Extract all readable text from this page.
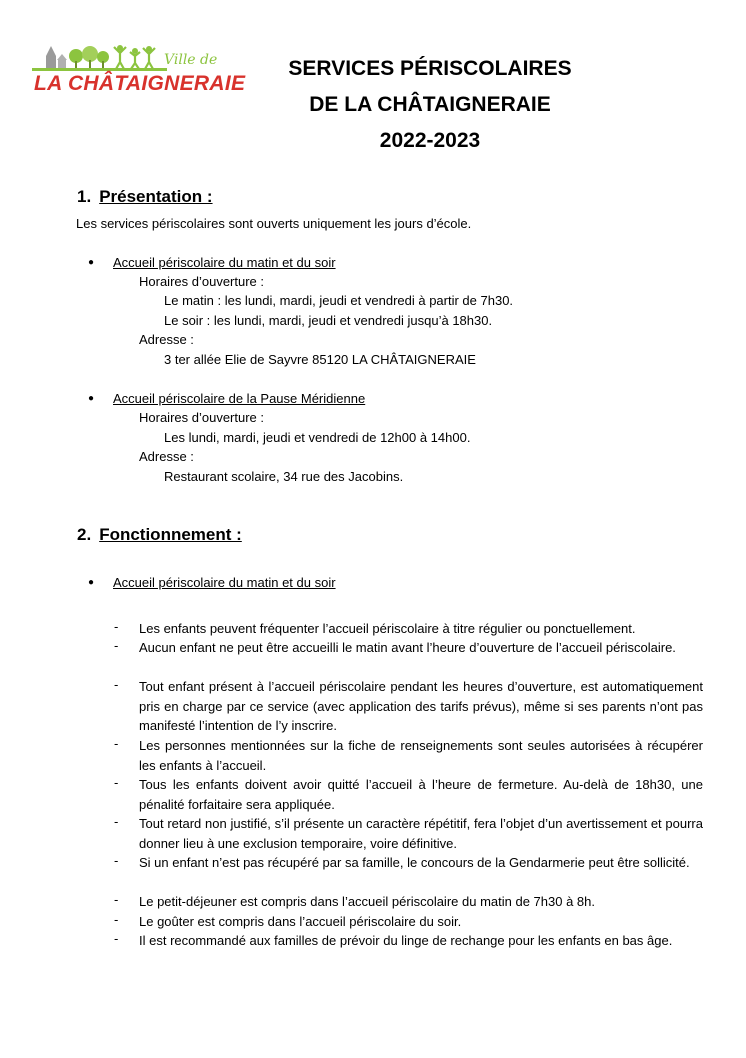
Ville de
LA CHÂTAIGNERAIE
SERVICES PÉRISCOLAIRES
DE LA CHÂTAIGNERAIE
2022-2023
1. Présentation :
Les services périscolaires sont ouverts uniquement les jours d’école.
● Accueil périscolaire du matin et du soir
Horaires d’ouverture :
Le matin : les lundi, mardi, jeudi et vendredi à partir de 7h30.
Le soir : les lundi, mardi, jeudi et vendredi jusqu’à 18h30.
Adresse :
3 ter allée Elie de Sayvre 85120 LA CHÂTAIGNERAIE
● Accueil périscolaire de la Pause Méridienne
Horaires d’ouverture :
Les lundi, mardi, jeudi et vendredi de 12h00 à 14h00.
Adresse :
Restaurant scolaire, 34 rue des Jacobins.
2. Fonctionnement :
● Accueil périscolaire du matin et du soir
- Les enfants peuvent fréquenter l’accueil périscolaire à titre régulier ou ponctuellement.
- Aucun enfant ne peut être accueilli le matin avant l’heure d’ouverture de l’accueil périscolaire.
- Tout enfant présent à l’accueil périscolaire pendant les heures d’ouverture, est automatiquement pris en charge par ce service (avec application des tarifs prévus), même si ses parents n’ont pas manifesté l’intention de l’y inscrire.
- Les personnes mentionnées sur la fiche de renseignements sont seules autorisées à récupérer les enfants à l’accueil.
- Tous les enfants doivent avoir quitté l’accueil à l’heure de fermeture. Au-delà de 18h30, une pénalité forfaitaire sera appliquée.
- Tout retard non justifié, s’il présente un caractère répétitif, fera l’objet d’un avertissement et pourra donner lieu à une exclusion temporaire, voire définitive.
- Si un enfant n’est pas récupéré par sa famille, le concours de la Gendarmerie peut être sollicité.
- Le petit-déjeuner est compris dans l’accueil périscolaire du matin de 7h30 à 8h.
- Le goûter est compris dans l’accueil périscolaire du soir.
- Il est recommandé aux familles de prévoir du linge de rechange pour les enfants en bas âge.
